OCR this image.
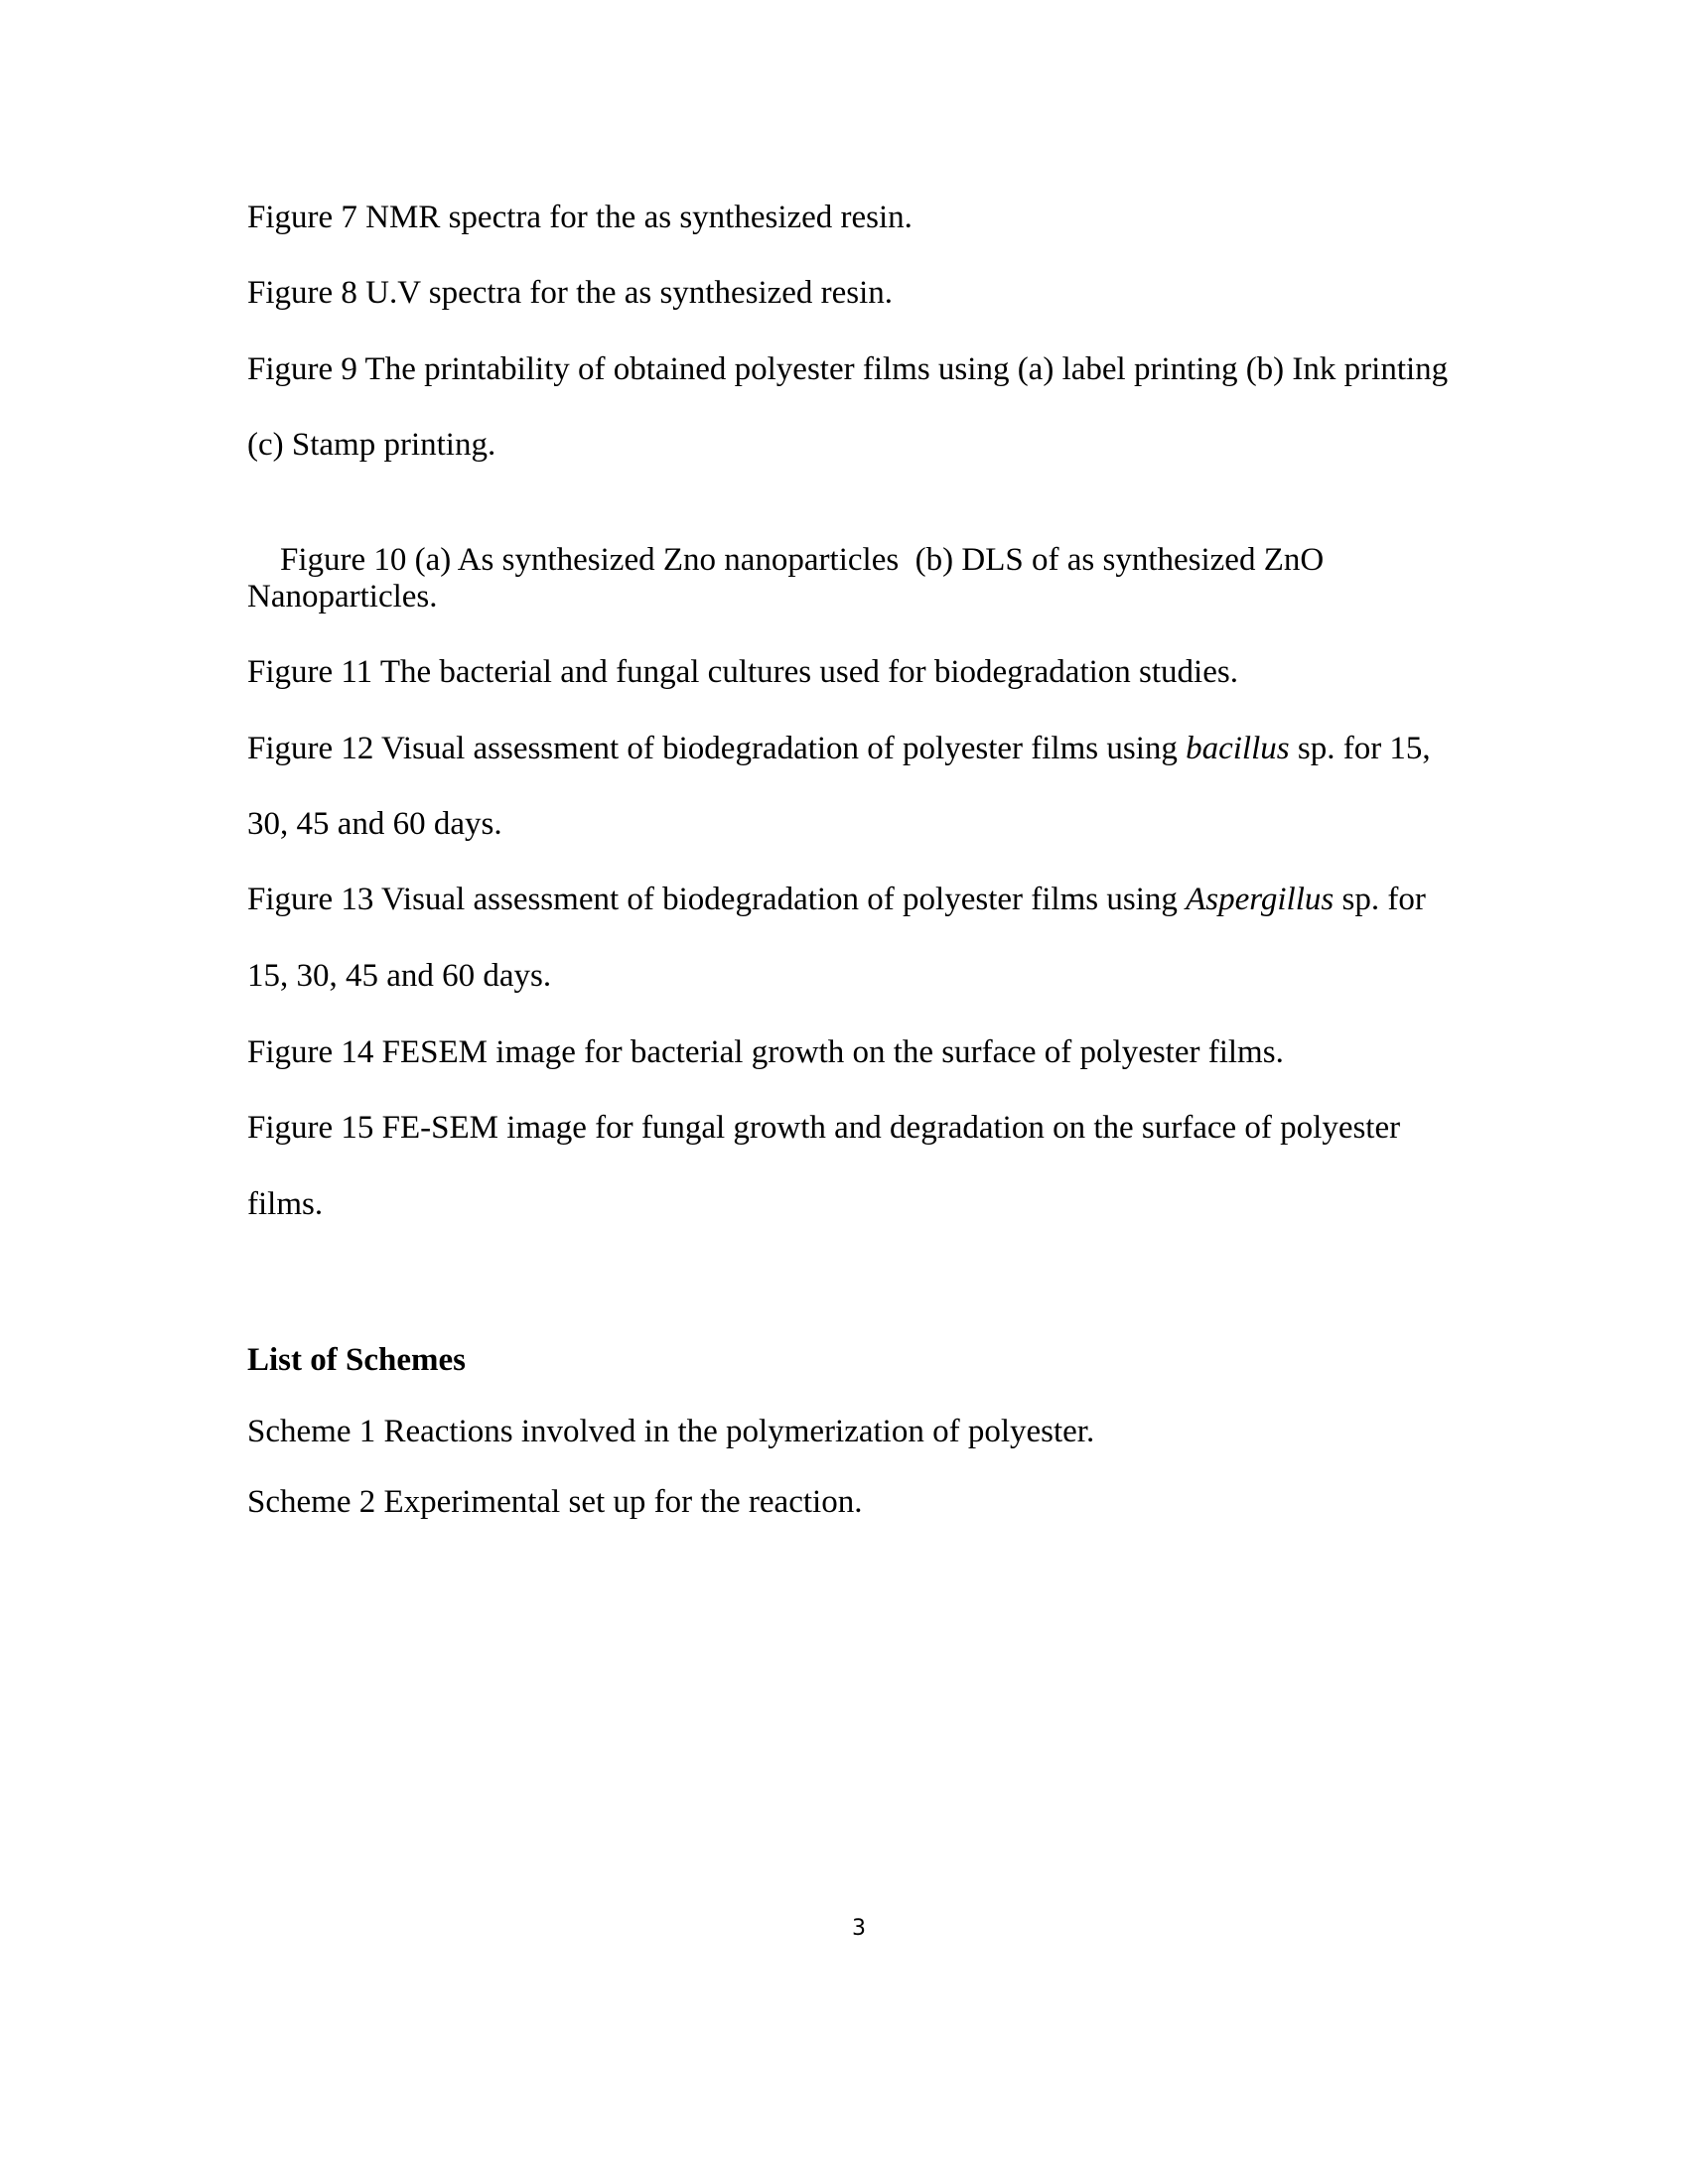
Figure 7 NMR spectra for the as synthesized resin.
Figure 8 U.V spectra for the as synthesized resin.
Figure 9 The printability of obtained polyester films using (a) label printing (b) Ink printing
(c) Stamp printing.

Figure 10 (a) As synthesized Zno nanoparticles  (b) DLS of as synthesized ZnO

Nanoparticles.
Figure 11 The bacterial and fungal cultures used for biodegradation studies.
Figure 12 Visual assessment of biodegradation of polyester films using bacillus sp. for 15,
30, 45 and 60 days.
Figure 13 Visual assessment of biodegradation of polyester films using Aspergillus sp. for
15, 30, 45 and 60 days.
Figure 14 FESEM image for bacterial growth on the surface of polyester films.
Figure 15 FE-SEM image for fungal growth and degradation on the surface of polyester
films.
List of Schemes
Scheme 1 Reactions involved in the polymerization of polyester.
Scheme 2 Experimental set up for the reaction.
3
